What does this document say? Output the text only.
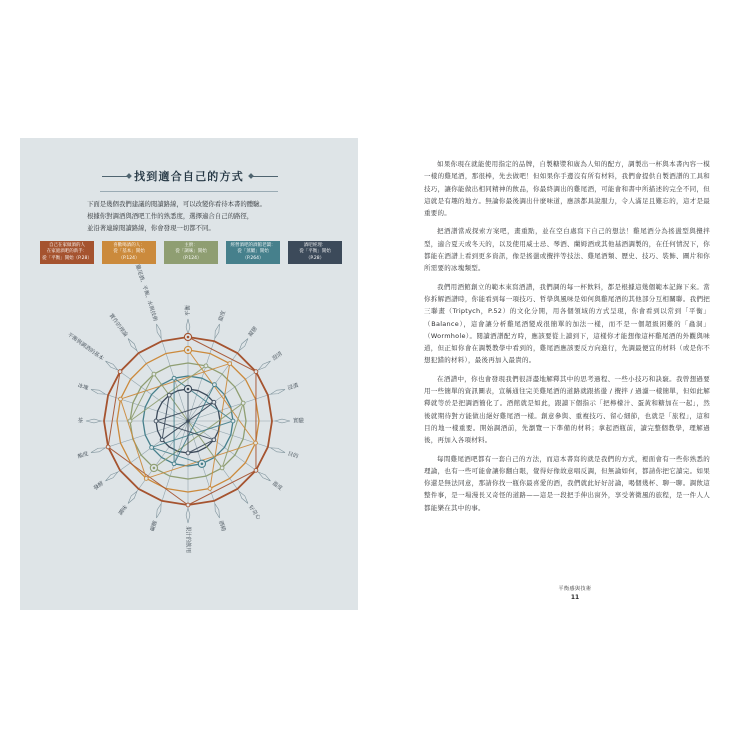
找到適合自己的方式
下面是幾個我們建議的閱讀路線，可以改變你看待本書的體驗。
根據你對調酒與酒吧工作的熟悉度，選擇適合自己的路徑，
並沿著連線閱讀路線，你會發現一切都不同。
自己在家做酒的人
在家庭酒吧的新手：
從「平衡」開始（P.28）
喜歡喝酒的人：
從「基本」開始
（P.124）
主廚：
從「調味」開始
（P.124）
經營酒吧的酒館老闆：
從「蒸餾」開始
（P.264）
酒吧經理：
從「平衡」開始
（P.28）
平衡	甜度
凝膠
澄清
浸漬
實驗
目的
溫度
好奇心
酒精
果汁的飲用
碳酸
調味
發酵
酸度
茶
冰塊
平衡與調酒的基本
實作的理論
雞尾酒、平衡、水與技術

如果你現在就能使用指定的品牌，自製糖漿和廣為人知的配方，調製出一杯與本書內容一模一樣的雞尾酒，那很棒，先去做吧！但如果你手邊沒有所有材料，我們會提供自製酒譜的工具和技巧，讓你能做出相同精神的飲品，你最終調出的雞尾酒，可能會和書中所描述的完全不同，但這就是有趣的地方。無論你最後調出什麼味道，應該都具說服力，令人滿足且難忘的，這才是最重要的。

把酒譜當成探索方案吧，畫重點，並在空白處寫下自己的想法！雞尾酒分為搖盪型與攪拌型，適合夏天或冬天的，以及使用威士忌、琴酒、蘭姆酒或其他基酒調製的，在任何情況下，你都能在酒譜上看到更多資訊，像是搖盪或攪拌等技法、雞尾酒類、歷史、技巧、裝飾、圖片和你所需要的冰塊類型。

我們用酒館創立的範本來寫酒譜，我們調的每一杯飲料，都是根據這幾個範本記錄下來。當你拆解酒譜時，你能看到每一項技巧、哲學與風味是如何與雞尾酒的其他部分互相關聯。我們把三聯畫（Triptych，P.52）的文化分開，用各個領域的方式呈現，你會看到以常到「平衡」（Balance），這會讓分析雞尾酒變成很簡單的加法一樣，而不是一個超級困難的「蟲洞」（Wormhole）。閱讀酒譜配方時，應該要從上讀到下，這樣你才能想像這杯雞尾酒的外觀與味道，但正如你會在調製教學中看到的，雞尾酒應該要反方向進行，先調最便宜的材料（或是你不想犯錯的材料），最後再加入最貴的。

在酒譜中，你也會發現我們很詳盡地解釋其中的思考過程、一些小技巧和訣竅。我曾想過要用一些簡單的資訊圖表，宣稱通往完美雞尾酒的道路就跟搖盪 / 攪拌 / 過濾一樣簡單，但如此解釋就等於是把調酒簡化了。酒館就是如此，跟讀下個指示「把檸檬汁、蛋黃和糖加在一起」，然後就期待對方能做出絕好雞尾酒一樣。創意參與、重複技巧、留心細節，也就是「旅程」，這和目的地一樣重要。開始調酒前，先瀏覽一下準備的材料；拿起酒瓶前，讀完整個教學，理解過後，再加入各項材料。

每間雞尾酒吧都有一套自己的方法，而這本書寫的就是我們的方式，裡面會有一些你熟悉的理論，也有一些可能會讓你翻白眼，覺得好像故意唱反調，但無論如何，都請你把它讀完。如果你還是無法同意，那請你找一瓶你最喜愛的酒，我們就此好好討論，喝個幾杯、聊一聊。調飲這整件事，是一場漫長又奇怪的道路——這是一段把手伸出窗外，享受著微風的旅程，是一件人人都能樂在其中的事。

平衡感與技術
11
